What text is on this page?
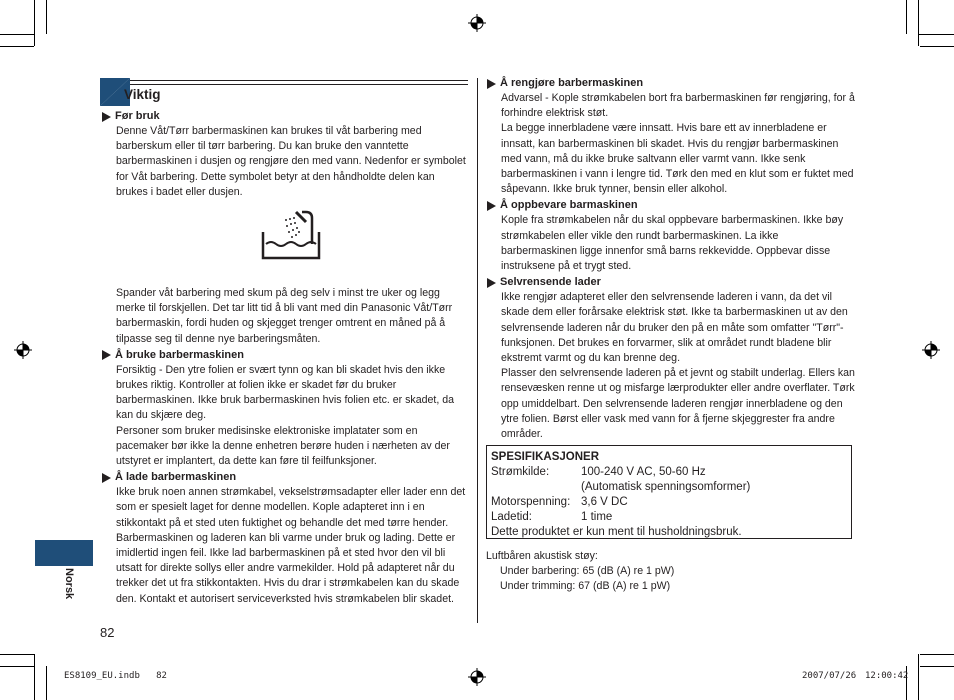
Viktig
Norsk
Før bruk

Denne Våt/Tørr barbermaskinen kan brukes til våt barbering med barberskum eller til tørr barbering. Du kan bruke den vanntette barbermaskinen i dusjen og rengjøre den med vann. Nedenfor er symbolet for Våt barbering. Dette symbolet betyr at den håndholdte delen kan brukes i badet eller dusjen.

Spander våt barbering med skum på deg selv i minst tre uker og legg merke til forskjellen. Det tar litt tid å bli vant med din Panasonic Våt/Tørr barbermaskin, fordi huden og skjegget trenger omtrent en måned på å tilpasse seg til denne nye barberingsmåten.

Å bruke barbermaskinen

Forsiktig - Den ytre folien er svært tynn og kan bli skadet hvis den ikke brukes riktig. Kontroller at folien ikke er skadet før du bruker barbermaskinen. Ikke bruk barbermaskinen hvis folien etc. er skadet, da kan du skjære deg.
Personer som bruker medisinske elektroniske implatater som en pacemaker bør ikke la denne enhetren berøre huden i nærheten av der utstyret er implantert, da dette kan føre til feilfunksjoner.

Å lade barbermaskinen

Ikke bruk noen annen strømkabel, vekselstrømsadapter eller lader enn det som er spesielt laget for denne modellen. Kople adapteret inn i en stikkontakt på et sted uten fuktighet og behandle det med tørre hender. Barbermaskinen og laderen kan bli varme under bruk og lading. Dette er imidlertid ingen feil. Ikke lad barbermaskinen på et sted hvor den vil bli utsatt for direkte sollys eller andre varmekilder. Hold på adapteret når du trekker det ut fra stikkontakten. Hvis du drar i strømkabelen kan du skade den. Kontakt et autorisert serviceverksted hvis strømkabelen blir skadet.

Å rengjøre barbermaskinen

Advarsel - Kople strømkabelen bort fra barbermaskinen før rengjøring, for å forhindre elektrisk støt.
La begge innerbladene være innsatt. Hvis bare ett av innerbladene er innsatt, kan barbermaskinen bli skadet. Hvis du rengjør barbermaskinen med vann, må du ikke bruke saltvann eller varmt vann. Ikke senk barbermaskinen i vann i lengre tid. Tørk den med en klut som er fuktet med såpevann. Ikke bruk tynner, bensin eller alkohol.

Å oppbevare barmaskinen

Kople fra strømkabelen når du skal oppbevare barbermaskinen. Ikke bøy strømkabelen eller vikle den rundt barbermaskinen. La ikke barbermaskinen ligge innenfor små barns rekkevidde. Oppbevar disse instruksene på et trygt sted.

Selvrensende lader

Ikke rengjør adapteret eller den selvrensende laderen i vann, da det vil skade dem eller forårsake elektrisk støt. Ikke ta barbermaskinen ut av den selvrensende laderen når du bruker den på en måte som omfatter "Tørr"-funksjonen. Det brukes en forvarmer, slik at området rundt bladene blir ekstremt varmt og du kan brenne deg.
Plasser den selvrensende laderen på et jevnt og stabilt underlag. Ellers kan rensevæsken renne ut og misfarge lærprodukter eller andre overflater. Tørk opp umiddelbart. Den selvrensende laderen rengjør innerbladene og den ytre folien. Børst eller vask med vann for å fjerne skjeggrester fra andre områder.

SPESIFIKASJONER
Strømkilde:	100-240 V AC, 50-60 Hz
(Automatisk spenningsomformer)
Motorspenning: 3,6 V DC
Ladetid:	1 time
Dette produktet er kun ment til husholdningsbruk.
Luftbåren akustisk støy:
Under barbering: 65 (dB (A) re 1 pW)
Under trimming: 67 (dB (A) re 1 pW)
82
ES8109_EU.indb   82	2007/07/26 12:00:42
